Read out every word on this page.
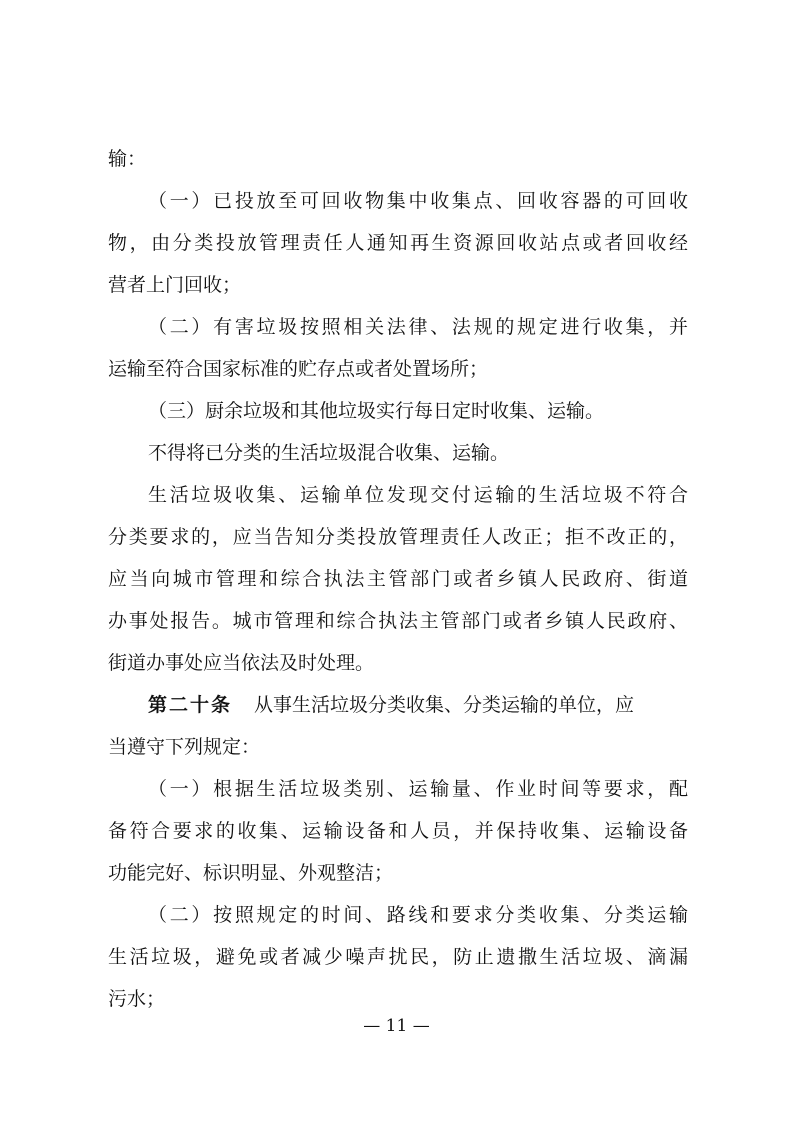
输：
（一）已投放至可回收物集中收集点、回收容器的可回收
物，由分类投放管理责任人通知再生资源回收站点或者回收经
营者上门回收；
（二）有害垃圾按照相关法律、法规的规定进行收集，并
运输至符合国家标准的贮存点或者处置场所；
（三）厨余垃圾和其他垃圾实行每日定时收集、运输。
不得将已分类的生活垃圾混合收集、运输。
生活垃圾收集、运输单位发现交付运输的生活垃圾不符合
分类要求的，应当告知分类投放管理责任人改正；拒不改正的，
应当向城市管理和综合执法主管部门或者乡镇人民政府、街道
办事处报告。城市管理和综合执法主管部门或者乡镇人民政府、
街道办事处应当依法及时处理。
第二十条 从事生活垃圾分类收集、分类运输的单位，应
当遵守下列规定：
（一）根据生活垃圾类别、运输量、作业时间等要求，配
备符合要求的收集、运输设备和人员，并保持收集、运输设备
功能完好、标识明显、外观整洁；
（二）按照规定的时间、路线和要求分类收集、分类运输
生活垃圾，避免或者减少噪声扰民，防止遗撒生活垃圾、滴漏
污水；
— 11 —
